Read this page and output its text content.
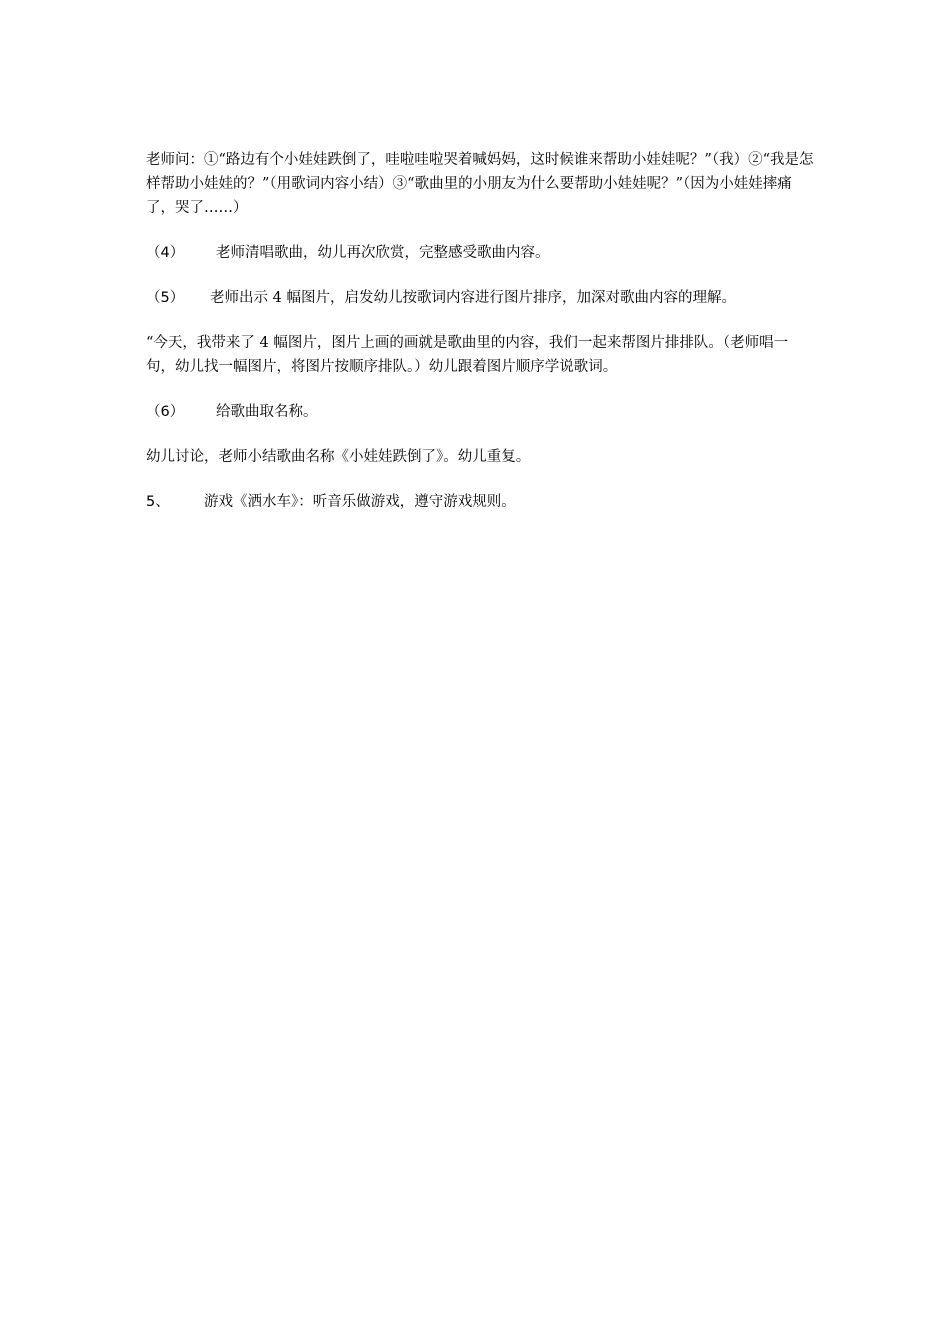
老师问：①“路边有个小娃娃跌倒了，哇啦哇啦哭着喊妈妈，这时候谁来帮助小娃娃呢？”（我）②“我是怎样帮助小娃娃的？”（用歌词内容小结）③“歌曲里的小朋友为什么要帮助小娃娃呢？”（因为小娃娃摔痛了，哭了……）

（4） 老师清唱歌曲，幼儿再次欣赏，完整感受歌曲内容。

（5） 老师出示 4 幅图片，启发幼儿按歌词内容进行图片排序，加深对歌曲内容的理解。

“今天，我带来了 4 幅图片，图片上画的画就是歌曲里的内容，我们一起来帮图片排排队。（老师唱一句，幼儿找一幅图片，将图片按顺序排队。）幼儿跟着图片顺序学说歌词。

（6） 给歌曲取名称。

幼儿讨论，老师小结歌曲名称《小娃娃跌倒了》。幼儿重复。

5、 游戏《洒水车》：听音乐做游戏，遵守游戏规则。
